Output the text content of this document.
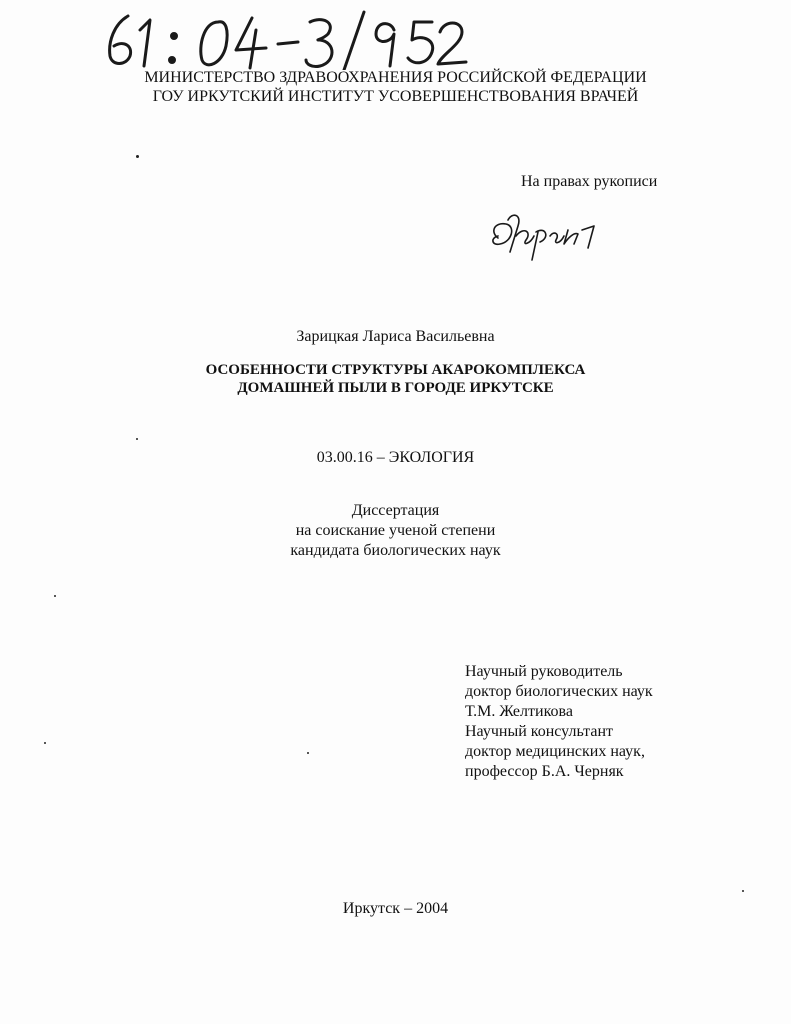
61: 04-3/952
МИНИСТЕРСТВО ЗДРАВООХРАНЕНИЯ РОССИЙСКОЙ ФЕДЕРАЦИИ
ГОУ ИРКУТСКИЙ ИНСТИТУТ УСОВЕРШЕНСТВОВАНИЯ ВРАЧЕЙ
На правах рукописи
Зарицкая Лариса Васильевна
ОСОБЕННОСТИ СТРУКТУРЫ АКАРОКОМПЛЕКСА
ДОМАШНЕЙ ПЫЛИ В ГОРОДЕ ИРКУТСКЕ
03.00.16 – ЭКОЛОГИЯ
Диссертация
на соискание ученой степени
кандидата биологических наук
Научный руководитель
доктор биологических наук
Т.М. Желтикова
Научный консультант
доктор медицинских наук,
профессор Б.А. Черняк
Иркутск – 2004
